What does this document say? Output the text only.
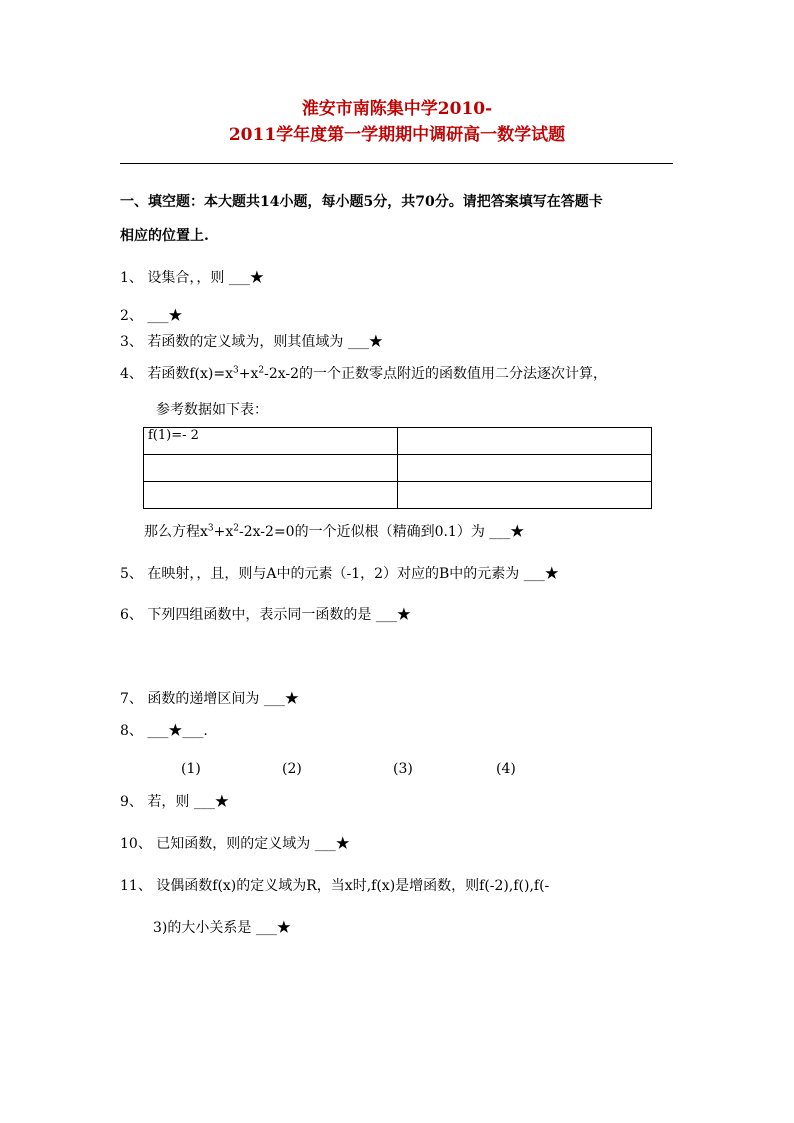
淮安市南陈集中学2010-
2011学年度第一学期期中调研高一数学试题
一、填空题：本大题共14小题，每小题5分，共70分。请把答案填写在答题卡
相应的位置上.
1、 设集合，，则 ___★
2、 ___★
3、 若函数的定义域为，则其值域为 ___★
4、 若函数$f(x)=x^3+x^2-2x-2$的一个正数零点附近的函数值用二分法逐次计算，
参考数据如下表：
f(1)=- 2	

那么方程$x^3+x^2-2x-2=0$的一个近似根（精确到0.1）为 ___★
5、 在映射，，且，则与A中的元素（-1，2）对应的B中的元素为 ___★
6、 下列四组函数中，表示同一函数的是 ___★
7、 函数的递增区间为 ___★
8、 ___★___.
(1)	(2)	(3)	(4)
9、 若，则 ___★
10、 已知函数，则的定义域为 ___★
11、 设偶函数f(x)的定义域为R，当x时,f(x)是增函数，则f(-2),f(),f(-
3)的大小关系是 ___★
